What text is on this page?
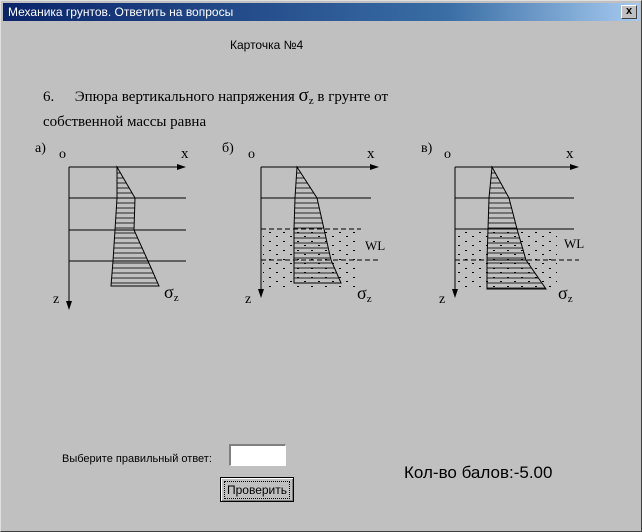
Механика грунтов. Ответить на вопросы	x
Карточка №4
6. Эпюра вертикального напряжения $\sigma_z$ в грунте от
собственной массы равна
а) o	x
z	σz
б) o	x
z
WL
σz
в) o	x
z
WL
σz
Выберите правильный ответ:
Проверить
Кол-во балов:-5.00
